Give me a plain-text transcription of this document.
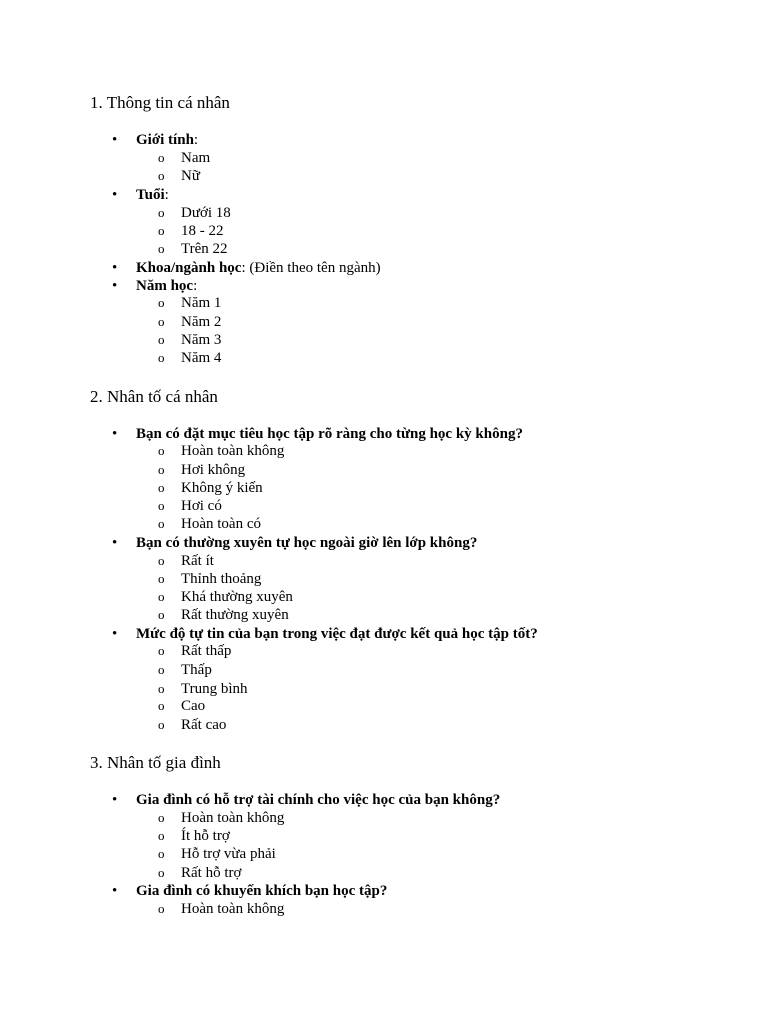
1. Thông tin cá nhân
• Giới tính:
o Nam
o Nữ
• Tuổi:
o Dưới 18
o 18 - 22
o Trên 22
• Khoa/ngành học: (Điền theo tên ngành)
• Năm học:
o Năm 1
o Năm 2
o Năm 3
o Năm 4
2. Nhân tố cá nhân
• Bạn có đặt mục tiêu học tập rõ ràng cho từng học kỳ không?
o Hoàn toàn không
o Hơi không
o Không ý kiến
o Hơi có
o Hoàn toàn có
• Bạn có thường xuyên tự học ngoài giờ lên lớp không?
o Rất ít
o Thỉnh thoảng
o Khá thường xuyên
o Rất thường xuyên
• Mức độ tự tin của bạn trong việc đạt được kết quả học tập tốt?
o Rất thấp
o Thấp
o Trung bình
o Cao
o Rất cao
3. Nhân tố gia đình
• Gia đình có hỗ trợ tài chính cho việc học của bạn không?
o Hoàn toàn không
o Ít hỗ trợ
o Hỗ trợ vừa phải
o Rất hỗ trợ
• Gia đình có khuyến khích bạn học tập?
o Hoàn toàn không
